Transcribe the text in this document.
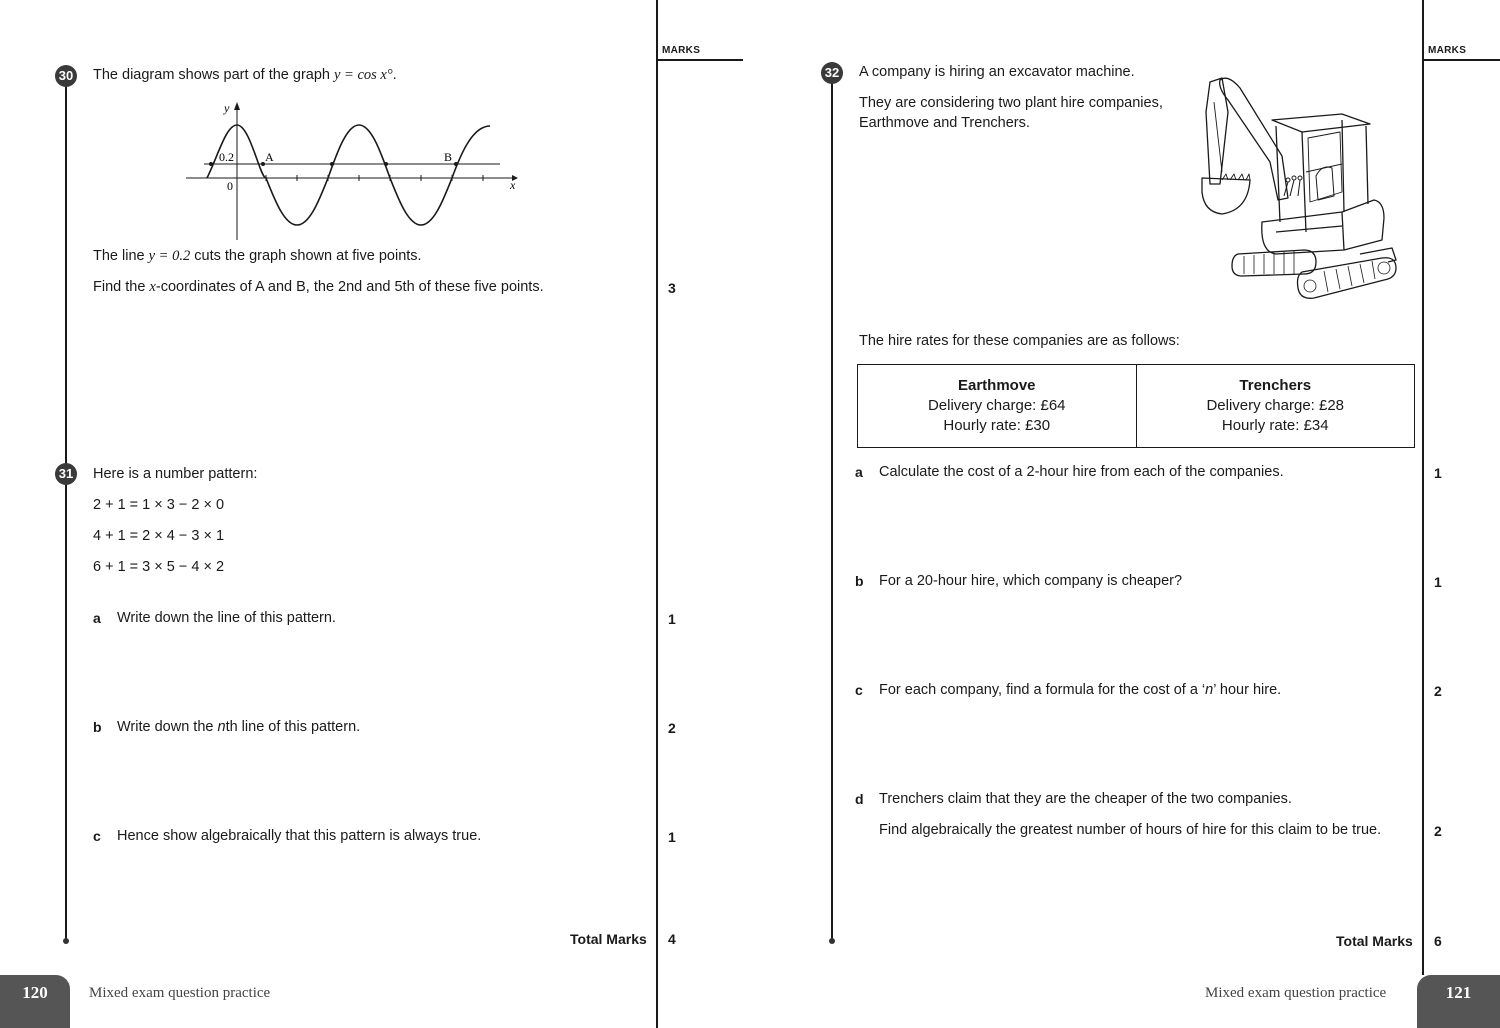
MARKS
30 The diagram shows part of the graph y = cos x°.
y
x
0
0.2	A	B
The line y = 0.2 cuts the graph shown at five points.
Find the x-coordinates of A and B, the 2nd and 5th of these five points.	3
31 Here is a number pattern:
2 + 1 = 1 × 3 − 2 × 0
4 + 1 = 2 × 4 − 3 × 1
6 + 1 = 3 × 5 − 4 × 2
a Write down the line of this pattern.	1
b Write down the nth line of this pattern.	2
c Hence show algebraically that this pattern is always true.	1
Total Marks 4
120	Mixed exam question practice
MARKS
32 A company is hiring an excavator machine.
They are considering two plant hire companies,
Earthmove and Trenchers.
The hire rates for these companies are as follows:
Earthmove
Delivery charge: £64
Hourly rate: £30

Trenchers
Delivery charge: £28
Hourly rate: £34
a Calculate the cost of a 2-hour hire from each of the companies.	1
b For a 20-hour hire, which company is cheaper?	1
c For each company, find a formula for the cost of a ‘n’ hour hire.	2
d Trenchers claim that they are the cheaper of the two companies.
Find algebraically the greatest number of hours of hire for this claim to be true.	2
Total Marks 6
Mixed exam question practice	121
